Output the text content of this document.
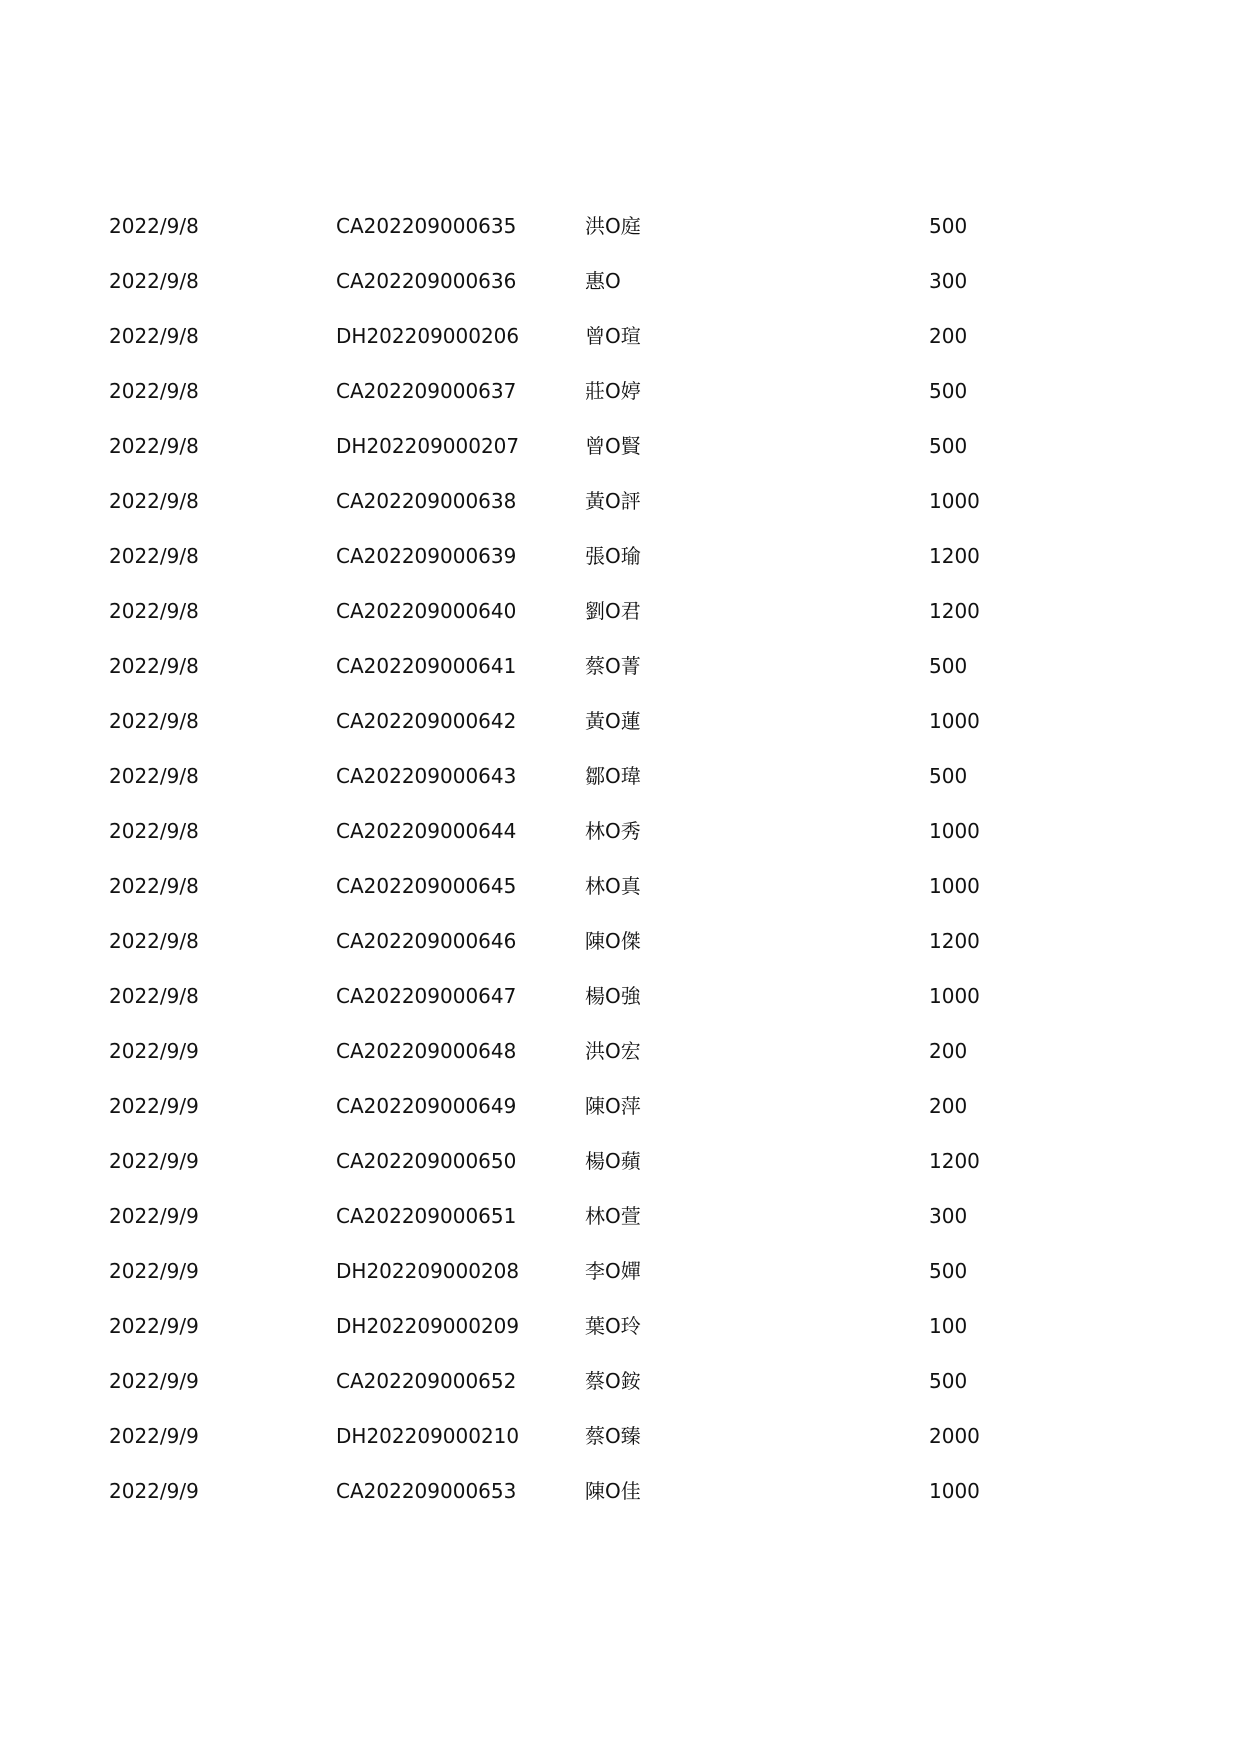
2022/9/8	CA202209000635	洪O庭	500
2022/9/8	CA202209000636	惠O	300
2022/9/8	DH202209000206	曾O瑄	200
2022/9/8	CA202209000637	莊O婷	500
2022/9/8	DH202209000207	曾O賢	500
2022/9/8	CA202209000638	黃O評	1000
2022/9/8	CA202209000639	張O瑜	1200
2022/9/8	CA202209000640	劉O君	1200
2022/9/8	CA202209000641	蔡O菁	500
2022/9/8	CA202209000642	黃O蓮	1000
2022/9/8	CA202209000643	鄒O瑋	500
2022/9/8	CA202209000644	林O秀	1000
2022/9/8	CA202209000645	林O真	1000
2022/9/8	CA202209000646	陳O傑	1200
2022/9/8	CA202209000647	楊O強	1000
2022/9/9	CA202209000648	洪O宏	200
2022/9/9	CA202209000649	陳O萍	200
2022/9/9	CA202209000650	楊O蘋	1200
2022/9/9	CA202209000651	林O萱	300
2022/9/9	DH202209000208	李O嬋	500
2022/9/9	DH202209000209	葉O玲	100
2022/9/9	CA202209000652	蔡O銨	500
2022/9/9	DH202209000210	蔡O臻	2000
2022/9/9	CA202209000653	陳O佳	1000
